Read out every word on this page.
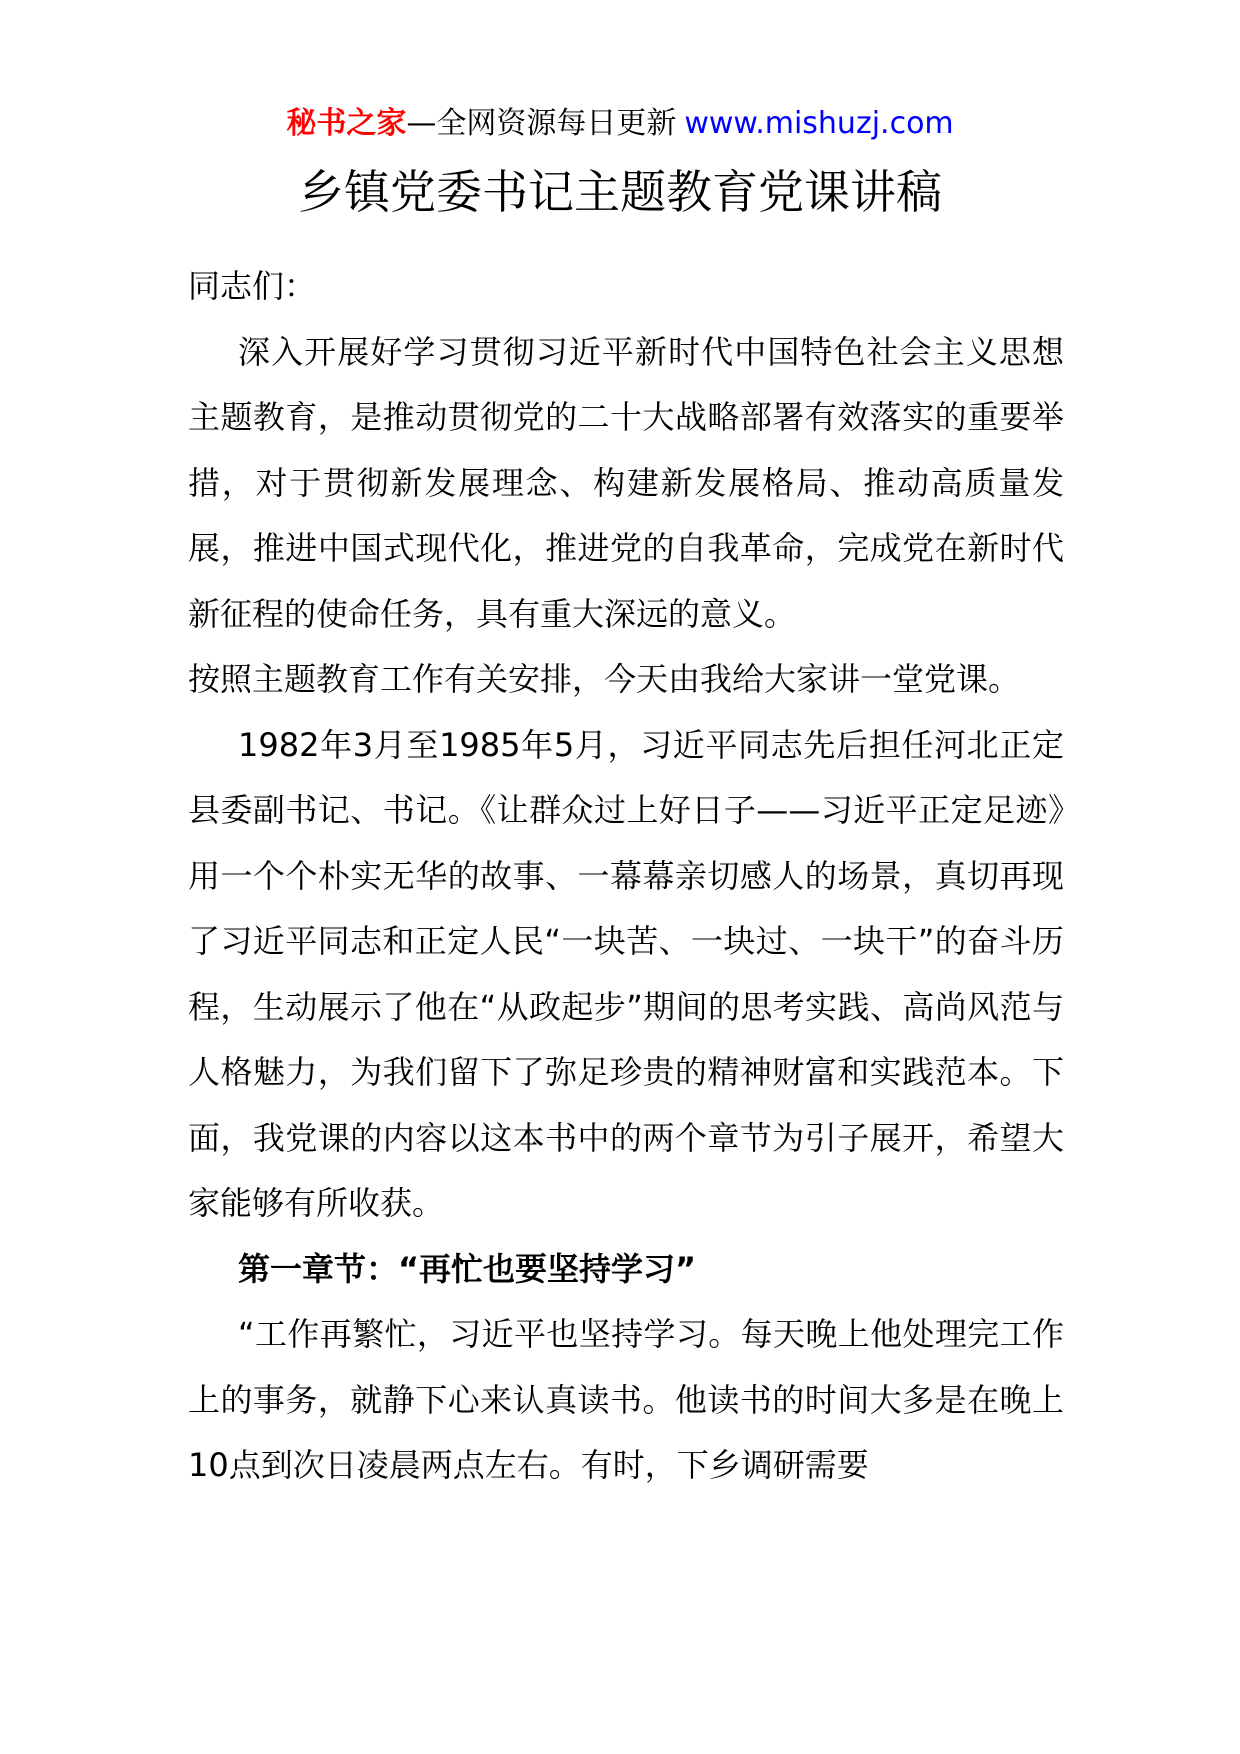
秘书之家—全网资源每日更新 www.mishuzj.com
乡镇党委书记主题教育党课讲稿

同志们：

深入开展好学习贯彻习近平新时代中国特色社会主义思想主题教育，是推动贯彻党的二十大战略部署有效落实的重要举措，对于贯彻新发展理念、构建新发展格局、推动高质量发展，推进中国式现代化，推进党的自我革命，完成党在新时代新征程的使命任务，具有重大深远的意义。

按照主题教育工作有关安排，今天由我给大家讲一堂党课。

1982年3月至1985年5月，习近平同志先后担任河北正定县委副书记、书记。《让群众过上好日子——习近平正定足迹》用一个个朴实无华的故事、一幕幕亲切感人的场景，真切再现了习近平同志和正定人民“一块苦、一块过、一块干”的奋斗历程，生动展示了他在“从政起步”期间的思考实践、高尚风范与人格魅力，为我们留下了弥足珍贵的精神财富和实践范本。下面，我党课的内容以这本书中的两个章节为引子展开，希望大家能够有所收获。

第一章节：“再忙也要坚持学习”

“工作再繁忙，习近平也坚持学习。每天晚上他处理完工作上的事务，就静下心来认真读书。他读书的时间大多是在晚上10点到次日凌晨两点左右。有时，下乡调研需要
